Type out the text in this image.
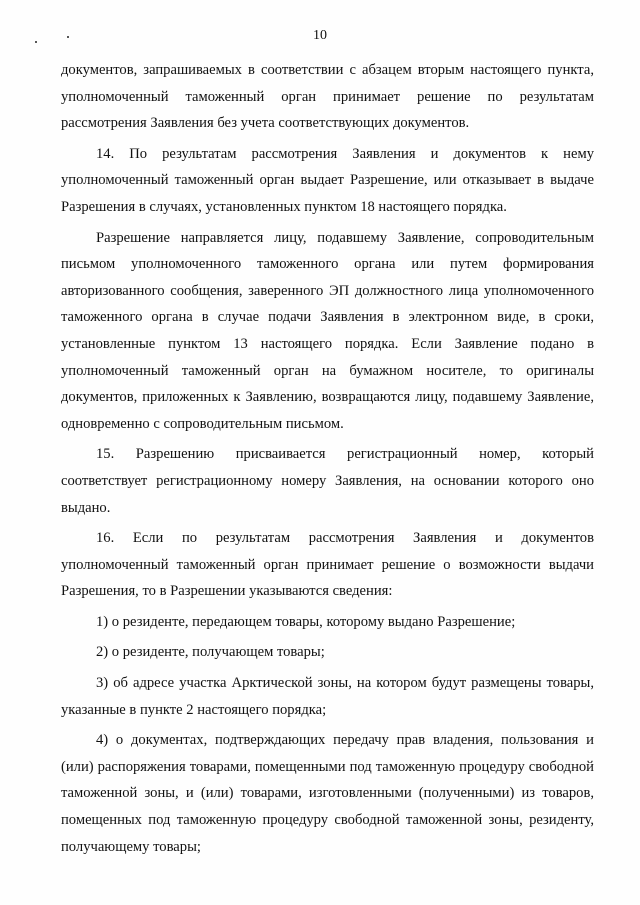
10

документов, запрашиваемых в соответствии с абзацем вторым настоящего пункта, уполномоченный таможенный орган принимает решение по результатам рассмотрения Заявления без учета соответствующих документов.

14. По результатам рассмотрения Заявления и документов к нему уполномоченный таможенный орган выдает Разрешение, или отказывает в выдаче Разрешения в случаях, установленных пунктом 18 настоящего порядка.

Разрешение направляется лицу, подавшему Заявление, сопроводительным письмом уполномоченного таможенного органа или путем формирования авторизованного сообщения, заверенного ЭП должностного лица уполномоченного таможенного органа в случае подачи Заявления в электронном виде, в сроки, установленные пунктом 13 настоящего порядка. Если Заявление подано в уполномоченный таможенный орган на бумажном носителе, то оригиналы документов, приложенных к Заявлению, возвращаются лицу, подавшему Заявление, одновременно с сопроводительным письмом.

15. Разрешению присваивается регистрационный номер, который соответствует регистрационному номеру Заявления, на основании которого оно выдано.

16. Если по результатам рассмотрения Заявления и документов уполномоченный таможенный орган принимает решение о возможности выдачи Разрешения, то в Разрешении указываются сведения:

1) о резиденте, передающем товары, которому выдано Разрешение;

2) о резиденте, получающем товары;

3) об адресе участка Арктической зоны, на котором будут размещены товары, указанные в пункте 2 настоящего порядка;

4) о документах, подтверждающих передачу прав владения, пользования и (или) распоряжения товарами, помещенными под таможенную процедуру свободной таможенной зоны, и (или) товарами, изготовленными (полученными) из товаров, помещенных под таможенную процедуру свободной таможенной зоны, резиденту, получающему товары;
